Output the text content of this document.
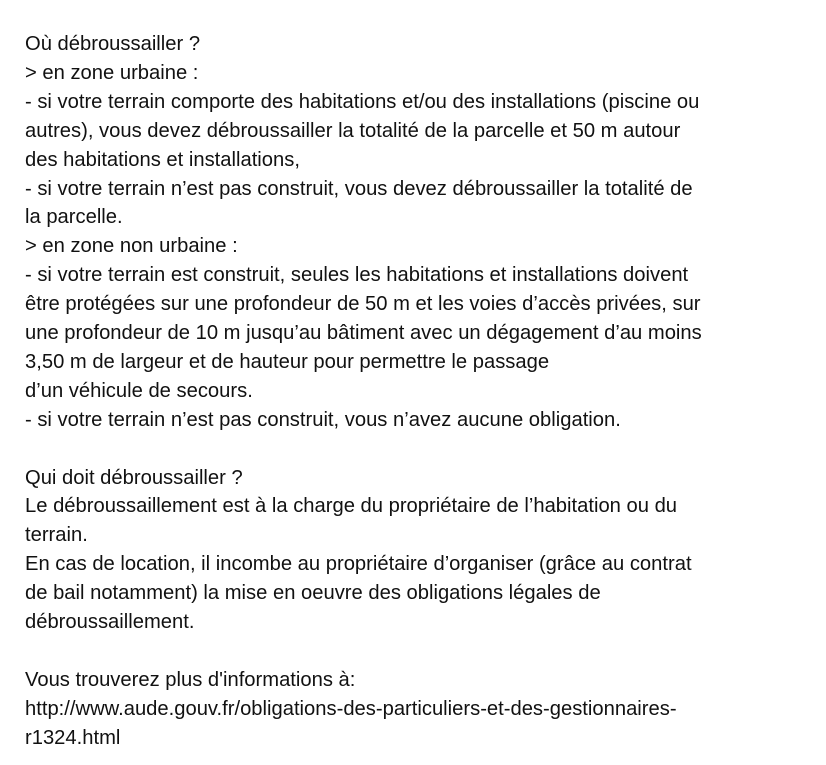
Où débroussailler ?
> en zone urbaine :
- si votre terrain comporte des habitations et/ou des installations (piscine ou
autres), vous devez débroussailler la totalité de la parcelle et 50 m autour
des habitations et installations,
- si votre terrain n’est pas construit, vous devez débroussailler la totalité de
la parcelle.
> en zone non urbaine :
- si votre terrain est construit, seules les habitations et installations doivent
être protégées sur une profondeur de 50 m et les voies d’accès privées, sur
une profondeur de 10 m jusqu’au bâtiment avec un dégagement d’au moins
3,50 m de largeur et de hauteur pour permettre le passage
d’un véhicule de secours.
- si votre terrain n’est pas construit, vous n’avez aucune obligation.
Qui doit débroussailler ?
Le débroussaillement est à la charge du propriétaire de l’habitation ou du
terrain.
En cas de location, il incombe au propriétaire d’organiser (grâce au contrat
de bail notamment) la mise en oeuvre des obligations légales de
débroussaillement.
Vous trouverez plus d'informations à:
http://www.aude.gouv.fr/obligations-des-particuliers-et-des-gestionnaires-
r1324.html
